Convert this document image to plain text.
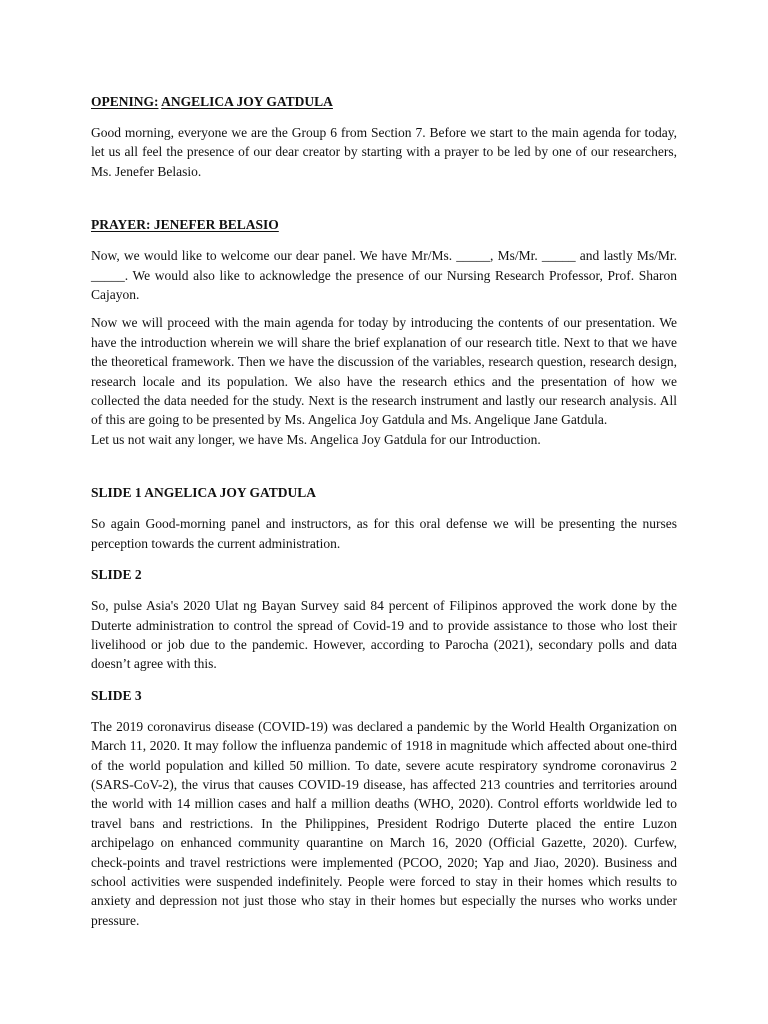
OPENING: ANGELICA JOY GATDULA

Good morning, everyone we are the Group 6 from Section 7. Before we start to the main agenda for today, let us all feel the presence of our dear creator by starting with a prayer to be led by one of our researchers, Ms. Jenefer Belasio.

PRAYER: JENEFER BELASIO

Now, we would like to welcome our dear panel. We have Mr/Ms. _____, Ms/Mr. _____ and lastly Ms/Mr. _____. We would also like to acknowledge the presence of our Nursing Research Professor, Prof. Sharon Cajayon.

Now we will proceed with the main agenda for today by introducing the contents of our presentation. We have the introduction wherein we will share the brief explanation of our research title. Next to that we have the theoretical framework. Then we have the discussion of the variables, research question, research design, research locale and its population. We also have the research ethics and the presentation of how we collected the data needed for the study. Next is the research instrument and lastly our research analysis. All of this are going to be presented by Ms. Angelica Joy Gatdula and Ms. Angelique Jane Gatdula.

Let us not wait any longer, we have Ms. Angelica Joy Gatdula for our Introduction.

SLIDE 1 ANGELICA JOY GATDULA

So again Good-morning panel and instructors, as for this oral defense we will be presenting the nurses perception towards the current administration.

SLIDE 2

So, pulse Asia's 2020 Ulat ng Bayan Survey said 84 percent of Filipinos approved the work done by the Duterte administration to control the spread of Covid-19 and to provide assistance to those who lost their livelihood or job due to the pandemic. However, according to Parocha (2021), secondary polls and data doesn’t agree with this.

SLIDE 3

The 2019 coronavirus disease (COVID-19) was declared a pandemic by the World Health Organization on March 11, 2020. It may follow the influenza pandemic of 1918 in magnitude which affected about one-third of the world population and killed 50 million. To date, severe acute respiratory syndrome coronavirus 2 (SARS-CoV-2), the virus that causes COVID-19 disease, has affected 213 countries and territories around the world with 14 million cases and half a million deaths (WHO, 2020). Control efforts worldwide led to travel bans and restrictions. In the Philippines, President Rodrigo Duterte placed the entire Luzon archipelago on enhanced community quarantine on March 16, 2020 (Official Gazette, 2020). Curfew, check-points and travel restrictions were implemented (PCOO, 2020; Yap and Jiao, 2020). Business and school activities were suspended indefinitely. People were forced to stay in their homes which results to anxiety and depression not just those who stay in their homes but especially the nurses who works under pressure.
